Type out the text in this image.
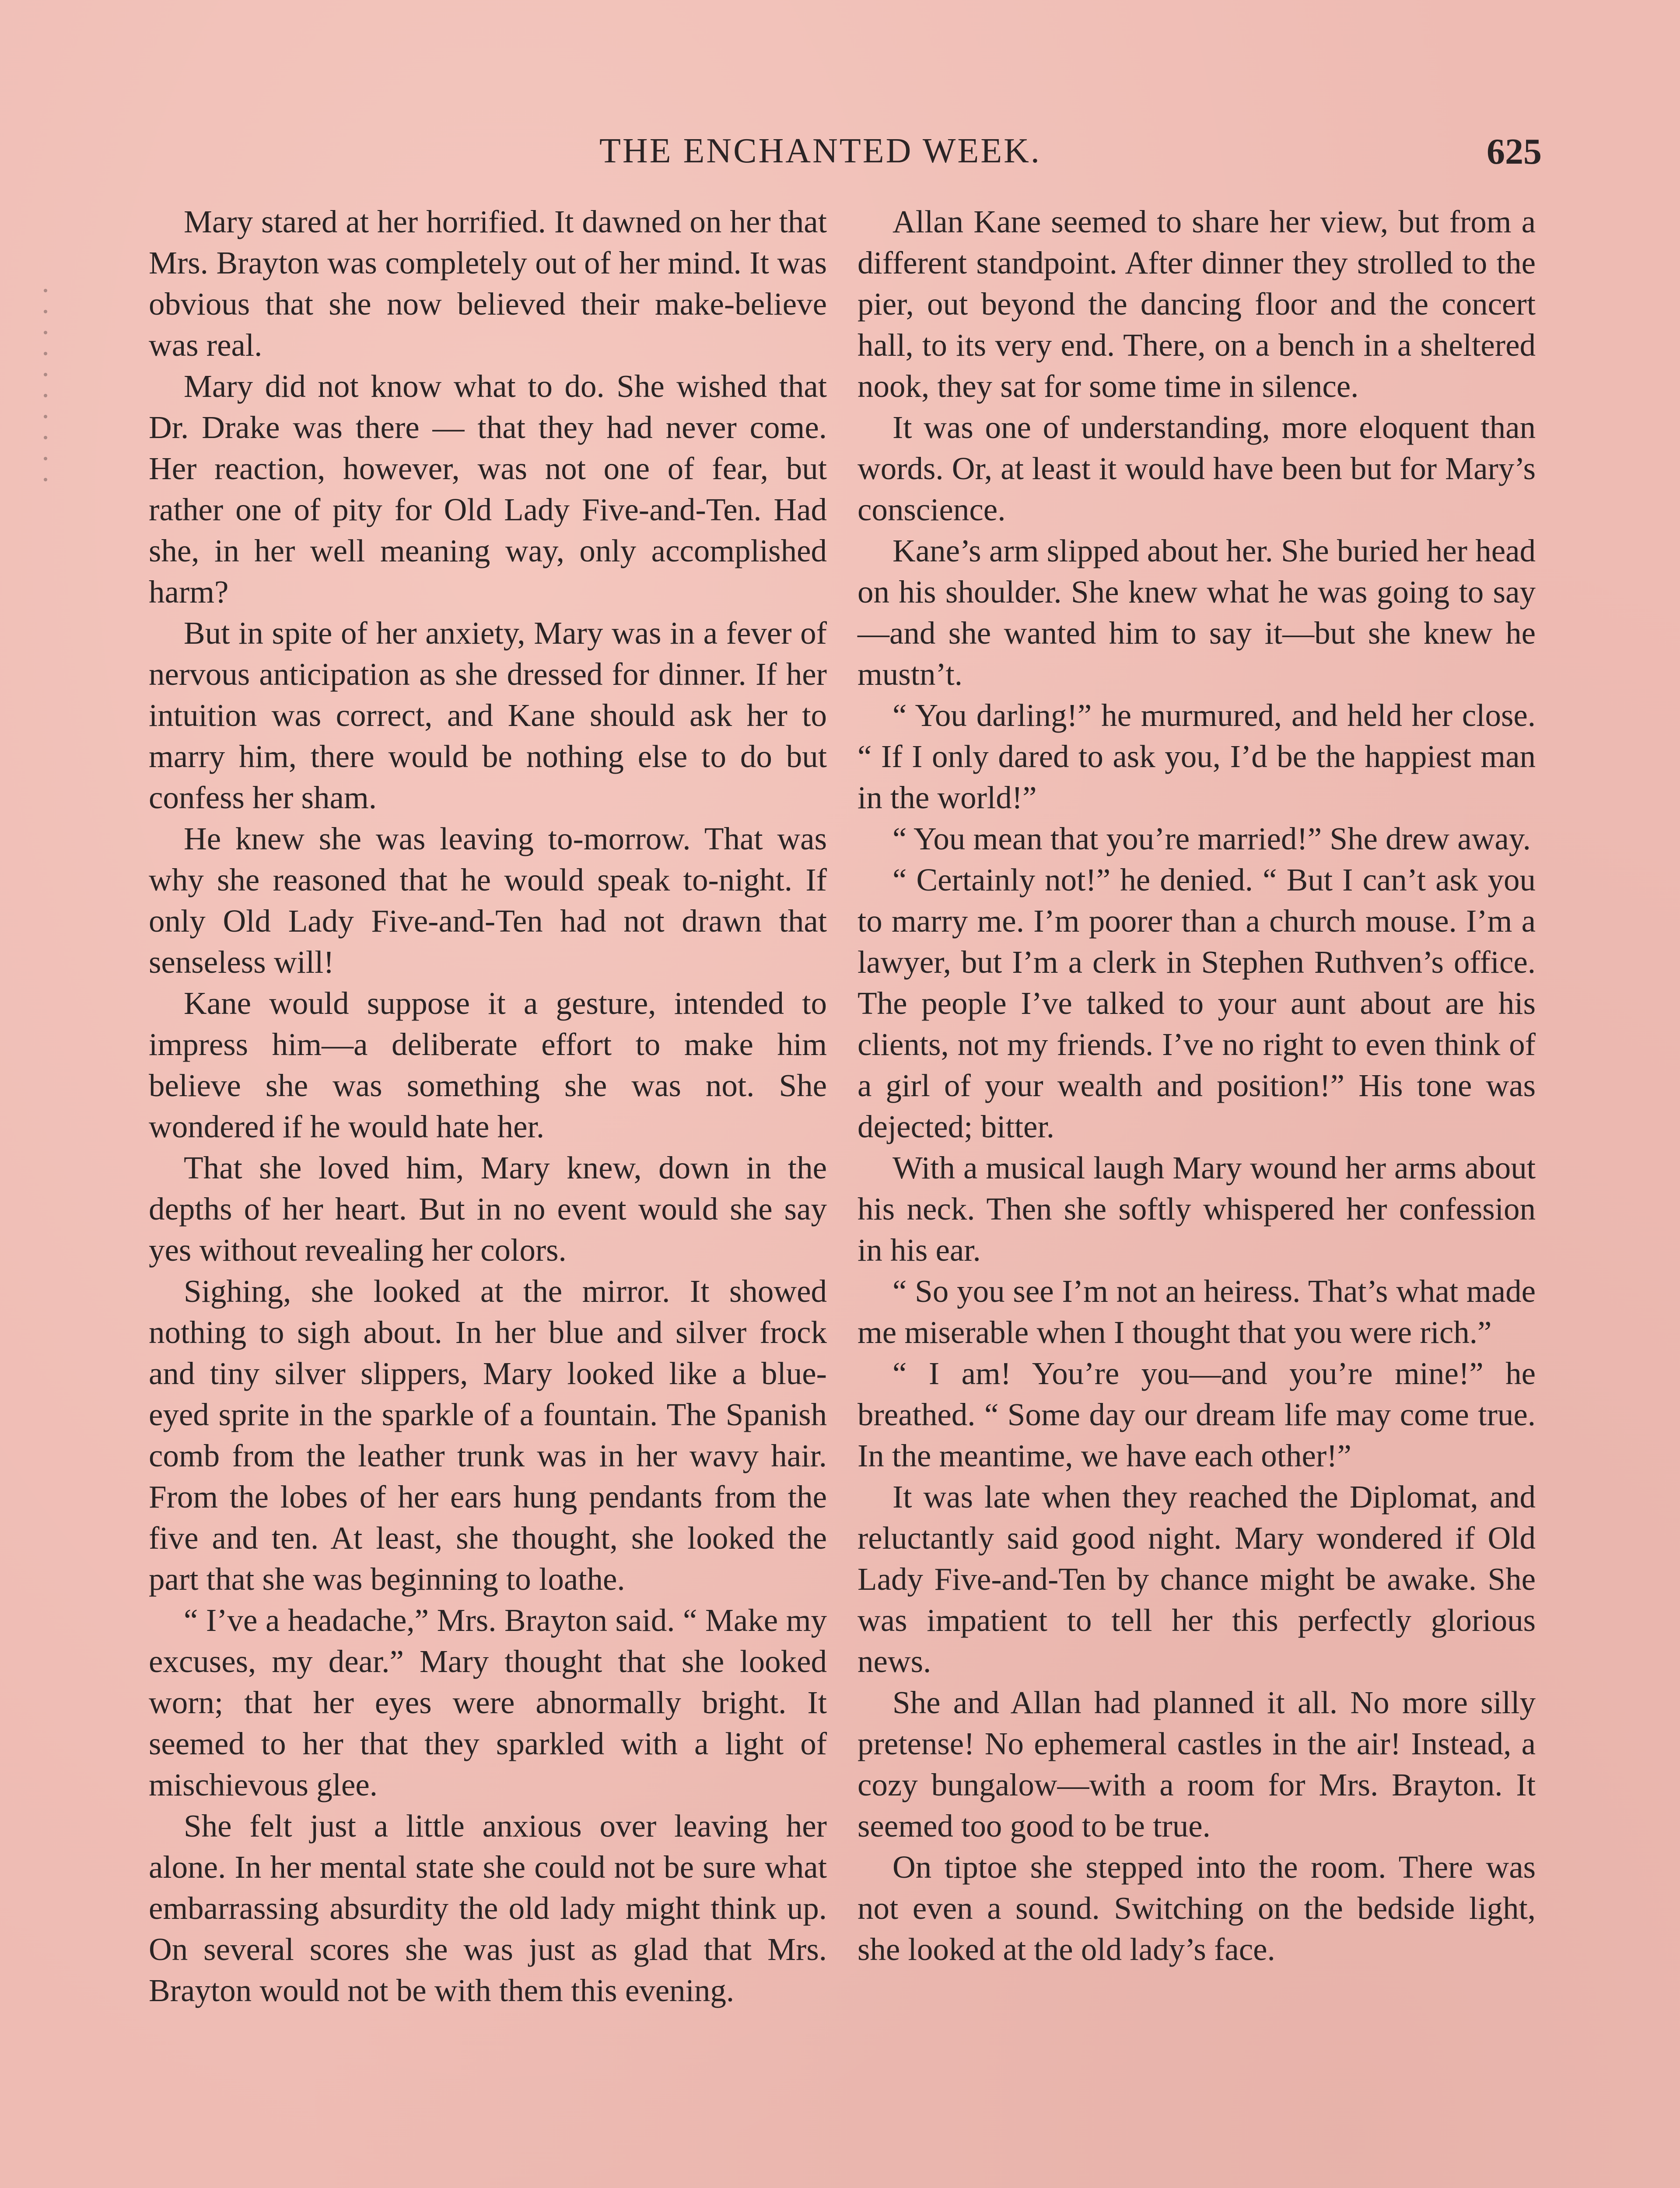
THE ENCHANTED WEEK.	625

Mary stared at her horrified. It dawned on her that Mrs. Brayton was completely out of her mind. It was obvious that she now believed their make-believe was real.

Mary did not know what to do. She wished that Dr. Drake was there — that they had never come. Her reaction, however, was not one of fear, but rather one of pity for Old Lady Five-and-Ten. Had she, in her well meaning way, only accomplished harm?

But in spite of her anxiety, Mary was in a fever of nervous anticipation as she dressed for dinner. If her intuition was correct, and Kane should ask her to marry him, there would be nothing else to do but confess her sham.

He knew she was leaving to-morrow. That was why she reasoned that he would speak to-night. If only Old Lady Five-and-Ten had not drawn that senseless will!

Kane would suppose it a gesture, intended to impress him—a deliberate effort to make him believe she was something she was not. She wondered if he would hate her.

That she loved him, Mary knew, down in the depths of her heart. But in no event would she say yes without revealing her colors.

Sighing, she looked at the mirror. It showed nothing to sigh about. In her blue and silver frock and tiny silver slippers, Mary looked like a blue-eyed sprite in the sparkle of a fountain. The Spanish comb from the leather trunk was in her wavy hair. From the lobes of her ears hung pendants from the five and ten. At least, she thought, she looked the part that she was beginning to loathe.

“ I’ve a headache,” Mrs. Brayton said. “ Make my excuses, my dear.” Mary thought that she looked worn; that her eyes were abnormally bright. It seemed to her that they sparkled with a light of mischievous glee.

She felt just a little anxious over leaving her alone. In her mental state she could not be sure what embarrassing absurdity the old lady might think up. On several scores she was just as glad that Mrs. Brayton would not be with them this evening.

Allan Kane seemed to share her view, but from a different standpoint. After dinner they strolled to the pier, out beyond the dancing floor and the concert hall, to its very end. There, on a bench in a sheltered nook, they sat for some time in silence.

It was one of understanding, more eloquent than words. Or, at least it would have been but for Mary’s conscience.

Kane’s arm slipped about her. She buried her head on his shoulder. She knew what he was going to say—and she wanted him to say it—but she knew he mustn’t.

“ You darling!” he murmured, and held her close. “ If I only dared to ask you, I’d be the happiest man in the world!”

“ You mean that you’re married!” She drew away.

“ Certainly not!” he denied. “ But I can’t ask you to marry me. I’m poorer than a church mouse. I’m a lawyer, but I’m a clerk in Stephen Ruthven’s office. The people I’ve talked to your aunt about are his clients, not my friends. I’ve no right to even think of a girl of your wealth and position!” His tone was dejected; bitter.

With a musical laugh Mary wound her arms about his neck. Then she softly whispered her confession in his ear.

“ So you see I’m not an heiress. That’s what made me miserable when I thought that you were rich.”

“ I am! You’re you—and you’re mine!” he breathed. “ Some day our dream life may come true. In the meantime, we have each other!”

It was late when they reached the Diplomat, and reluctantly said good night. Mary wondered if Old Lady Five-and-Ten by chance might be awake. She was impatient to tell her this perfectly glorious news.

She and Allan had planned it all. No more silly pretense! No ephemeral castles in the air! Instead, a cozy bungalow—with a room for Mrs. Brayton. It seemed too good to be true.

On tiptoe she stepped into the room. There was not even a sound. Switching on the bedside light, she looked at the old lady’s face.
